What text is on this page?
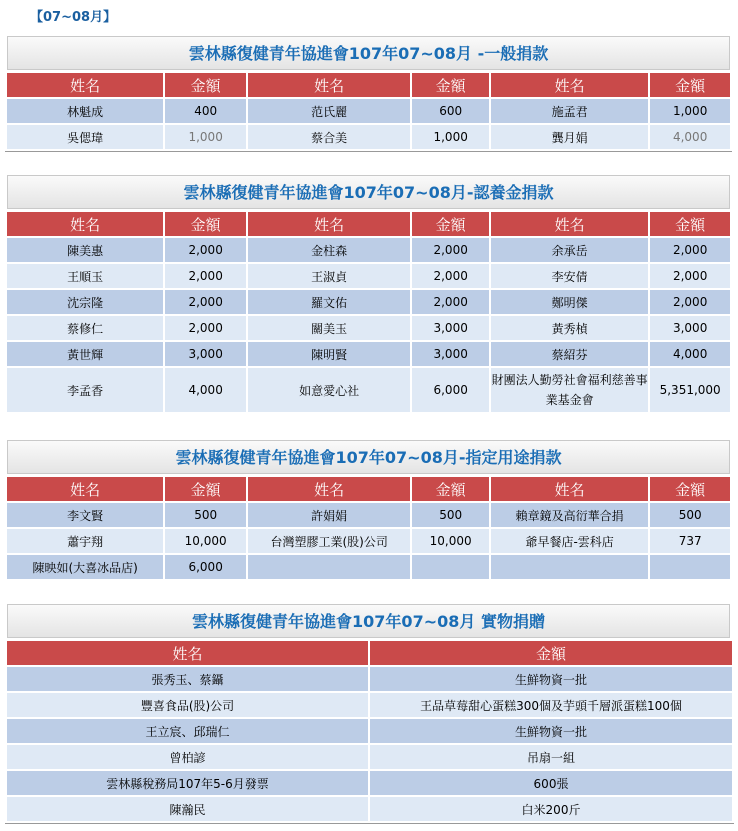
【07~08月】
雲林縣復健青年協進會107年07~08月 -一般捐款
姓名	金額	姓名	金額	姓名	金額
林魁成	400	范氏麗	600	施孟君	1,000
吳偲瑋	1,000	蔡合美	1,000	龔月娟	4,000
雲林縣復健青年協進會107年07~08月-認養金捐款
姓名	金額	姓名	金額	姓名	金額
陳美惠	2,000	金柱森	2,000	余承岳	2,000
王順玉	2,000	王淑貞	2,000	李安倩	2,000
沈宗隆	2,000	羅文佑	2,000	鄭明傑	2,000
蔡修仁	2,000	關美玉	3,000	黃秀楨	3,000
黃世輝	3,000	陳明賢	3,000	蔡紹芬	4,000
李孟香	4,000	如意愛心社	6,000	財團法人勤勞社會福利慈善事業基金會	5,351,000
雲林縣復健青年協進會107年07~08月-指定用途捐款
姓名	金額	姓名	金額	姓名	金額
李文賢	500	許娟娟	500	賴章鏡及高衍華合捐	500
蕭宇翔	10,000	台灣塑膠工業(股)公司	10,000	爺早餐店-雲科店	737
陳映如(大喜冰品店)	6,000				
雲林縣復健青年協進會107年07~08月 實物捐贈
姓名	金額
張秀玉、蔡鑷	生鮮物資一批
豐喜食品(股)公司	王品草莓甜心蛋糕300個及芋頭千層派蛋糕100個
王立宸、邱瑞仁	生鮮物資一批
曾柏諺	吊扇一組
雲林縣稅務局107年5-6月發票	600張
陳瀚民	白米200斤
